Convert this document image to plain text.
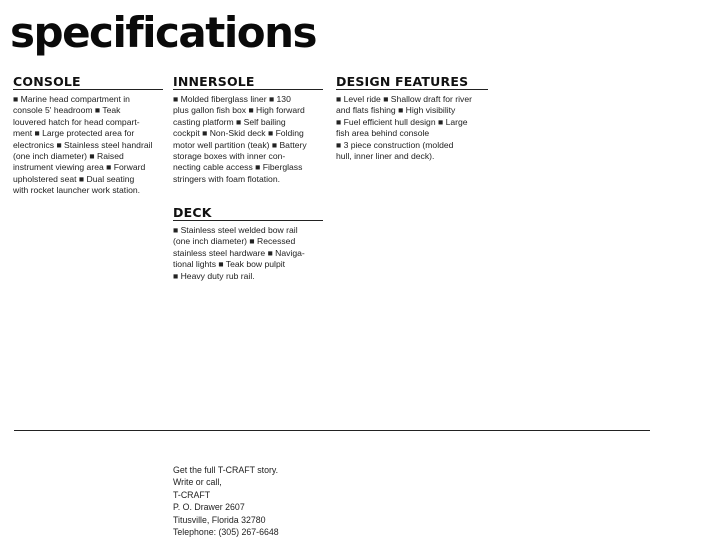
specifications
CONSOLE
■ Marine head compartment in
console 5' headroom ■ Teak
louvered hatch for head compart-
ment ■ Large protected area for
electronics ■ Stainless steel handrail
(one inch diameter) ■ Raised
instrument viewing area ■ Forward
upholstered seat ■ Dual seating
with rocket launcher work station.
INNERSOLE
■ Molded fiberglass liner ■ 130
plus gallon fish box ■ High forward
casting platform ■ Self bailing
cockpit ■ Non-Skid deck ■ Folding
motor well partition (teak) ■ Battery
storage boxes with inner con-
necting cable access ■ Fiberglass
stringers with foam flotation.
DESIGN FEATURES
■ Level ride ■ Shallow draft for river
and flats fishing ■ High visibility
■ Fuel efficient hull design ■ Large
fish area behind console
■ 3 piece construction (molded
hull, inner liner and deck).
DECK
■ Stainless steel welded bow rail
(one inch diameter) ■ Recessed
stainless steel hardware ■ Naviga-
tional lights ■ Teak bow pulpit
■ Heavy duty rub rail.
Get the full T-CRAFT story.
Write or call,
T-CRAFT
P. O. Drawer 2607
Titusville, Florida 32780
Telephone: (305) 267-6648
